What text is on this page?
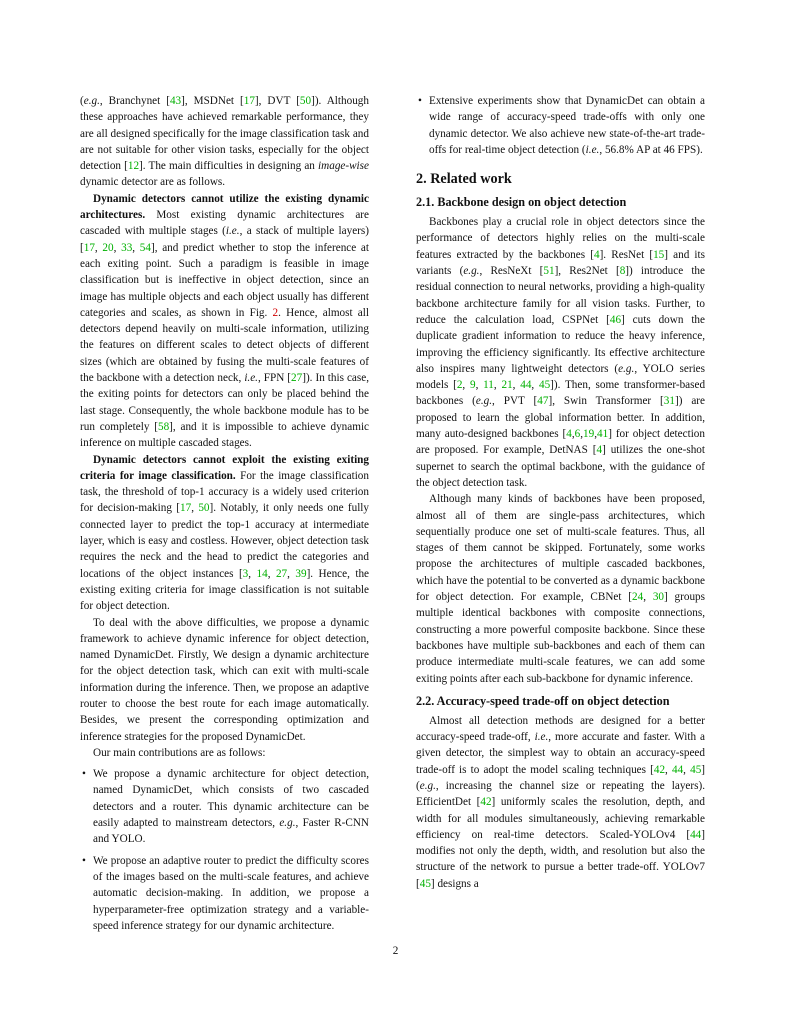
(e.g., Branchynet [43], MSDNet [17], DVT [50]). Although these approaches have achieved remarkable performance, they are all designed specifically for the image classification task and are not suitable for other vision tasks, especially for the object detection [12]. The main difficulties in designing an image-wise dynamic detector are as follows.

Dynamic detectors cannot utilize the existing dynamic architectures. Most existing dynamic architectures are cascaded with multiple stages (i.e., a stack of multiple layers) [17, 20, 33, 54], and predict whether to stop the inference at each exiting point. Such a paradigm is feasible in image classification but is ineffective in object detection, since an image has multiple objects and each object usually has different categories and scales, as shown in Fig. 2. Hence, almost all detectors depend heavily on multi-scale information, utilizing the features on different scales to detect objects of different sizes (which are obtained by fusing the multi-scale features of the backbone with a detection neck, i.e., FPN [27]). In this case, the exiting points for detectors can only be placed behind the last stage. Consequently, the whole backbone module has to be run completely [58], and it is impossible to achieve dynamic inference on multiple cascaded stages.

Dynamic detectors cannot exploit the existing exiting criteria for image classification. For the image classification task, the threshold of top-1 accuracy is a widely used criterion for decision-making [17, 50]. Notably, it only needs one fully connected layer to predict the top-1 accuracy at intermediate layer, which is easy and costless. However, object detection task requires the neck and the head to predict the categories and locations of the object instances [3, 14, 27, 39]. Hence, the existing exiting criteria for image classification is not suitable for object detection.

To deal with the above difficulties, we propose a dynamic framework to achieve dynamic inference for object detection, named DynamicDet. Firstly, We design a dynamic architecture for the object detection task, which can exit with multi-scale information during the inference. Then, we propose an adaptive router to choose the best route for each image automatically. Besides, we present the corresponding optimization and inference strategies for the proposed DynamicDet.

Our main contributions are as follows:

• We propose a dynamic architecture for object detection, named DynamicDet, which consists of two cascaded detectors and a router. This dynamic architecture can be easily adapted to mainstream detectors, e.g., Faster R-CNN and YOLO.

• We propose an adaptive router to predict the difficulty scores of the images based on the multi-scale features, and achieve automatic decision-making. In addition, we propose a hyperparameter-free optimization strategy and a variable-speed inference strategy for our dynamic architecture.

• Extensive experiments show that DynamicDet can obtain a wide range of accuracy-speed trade-offs with only one dynamic detector. We also achieve new state-of-the-art trade-offs for real-time object detection (i.e., 56.8% AP at 46 FPS).

2. Related work
2.1. Backbone design on object detection

Backbones play a crucial role in object detectors since the performance of detectors highly relies on the multi-scale features extracted by the backbones [4]. ResNet [15] and its variants (e.g., ResNeXt [51], Res2Net [8]) introduce the residual connection to neural networks, providing a high-quality backbone architecture family for all vision tasks. Further, to reduce the calculation load, CSPNet [46] cuts down the duplicate gradient information to reduce the heavy inference, improving the efficiency significantly. Its effective architecture also inspires many lightweight detectors (e.g., YOLO series models [2, 9, 11, 21, 44, 45]). Then, some transformer-based backbones (e.g., PVT [47], Swin Transformer [31]) are proposed to learn the global information better. In addition, many auto-designed backbones [4,6,19,41] for object detection are proposed. For example, DetNAS [4] utilizes the one-shot supernet to search the optimal backbone, with the guidance of the object detection task.

Although many kinds of backbones have been proposed, almost all of them are single-pass architectures, which sequentially produce one set of multi-scale features. Thus, all stages of them cannot be skipped. Fortunately, some works propose the architectures of multiple cascaded backbones, which have the potential to be converted as a dynamic backbone for object detection. For example, CBNet [24, 30] groups multiple identical backbones with composite connections, constructing a more powerful composite backbone. Since these backbones have multiple sub-backbones and each of them can produce intermediate multi-scale features, we can add some exiting points after each sub-backbone for dynamic inference.

2.2. Accuracy-speed trade-off on object detection

Almost all detection methods are designed for a better accuracy-speed trade-off, i.e., more accurate and faster. With a given detector, the simplest way to obtain an accuracy-speed trade-off is to adopt the model scaling techniques [42, 44, 45] (e.g., increasing the channel size or repeating the layers). EfficientDet [42] uniformly scales the resolution, depth, and width for all modules simultaneously, achieving remarkable efficiency on real-time detectors. Scaled-YOLOv4 [44] modifies not only the depth, width, and resolution but also the structure of the network to pursue a better trade-off. YOLOv7 [45] designs a

2
